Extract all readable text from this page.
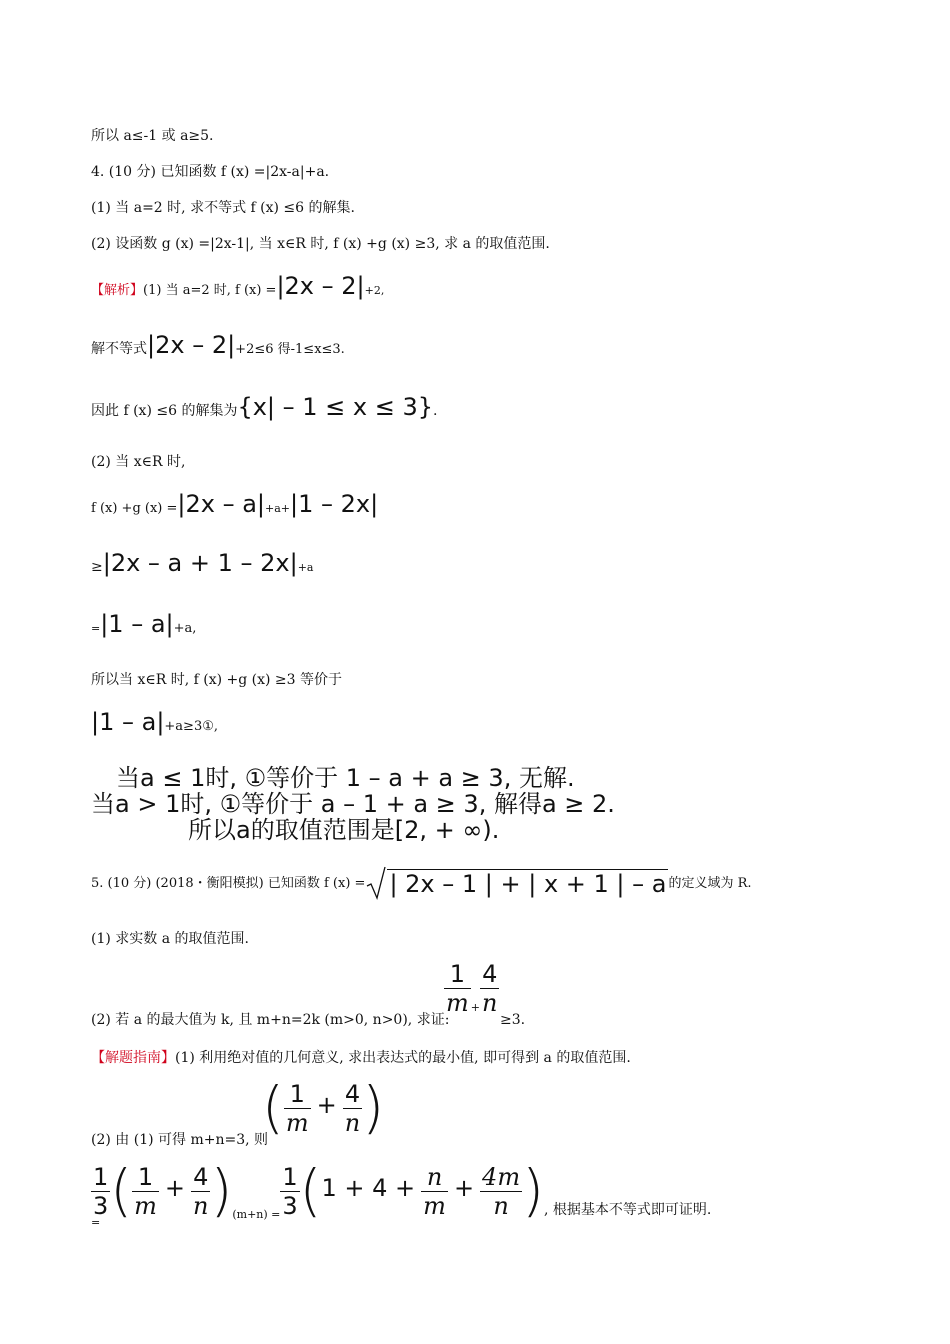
所以 a≤-1 或 a≥5.
4. (10 分) 已知函数 f (x) =|2x-a|+a.
(1) 当 a=2 时, 求不等式 f (x) ≤6 的解集.
(2) 设函数 g (x) =|2x-1|, 当 x∈R 时, f (x) +g (x) ≥3, 求 a 的取值范围.
【解析】(1) 当 a=2 时, f (x) =|2x – 2|+2,
解不等式|2x – 2|+2≤6 得-1≤x≤3.
因此 f (x) ≤6 的解集为{x| – 1 ≤ x ≤ 3}.
(2) 当 x∈R 时,
f (x) +g (x) =|2x – a|+a+|1 – 2x|
≥|2x – a + 1 – 2x|+a
=|1 – a|+a,
所以当 x∈R 时, f (x) +g (x) ≥3 等价于
|1 – a|+a≥3①,
当a ≤ 1时, ①等价于 1 – a + a ≥ 3, 无解.
当a > 1时, ①等价于 a – 1 + a ≥ 3, 解得a ≥ 2.
所以a的取值范围是[2, + ∞).
5. (10 分) (2018・衡阳模拟) 已知函数 f (x) = | 2x – 1 | + | x + 1 | – a 的定义域为 R.
(1) 求实数 a 的取值范围.
$\frac{1}{m} _+ \frac{4}{n}$
(2) 若 a 的最大值为 k, 且 m+n=2k (m>0, n>0), 求证:	≥3.
【解题指南】(1) 利用绝对值的几何意义, 求出表达式的最小值, 即可得到 a 的取值范围.
(2) 由 (1) 可得 m+n=3, 则
( $\frac{1}{m} + \frac{4}{n}$ )
$\frac{1}{3}$ ( $\frac{1}{m} + \frac{4}{n} )_{(m+n) =} \frac{1}{3} (1 + 4 + \frac{n}{m} + \frac{4m}{n}$ ), 根据基本不等式即可证明.
=
